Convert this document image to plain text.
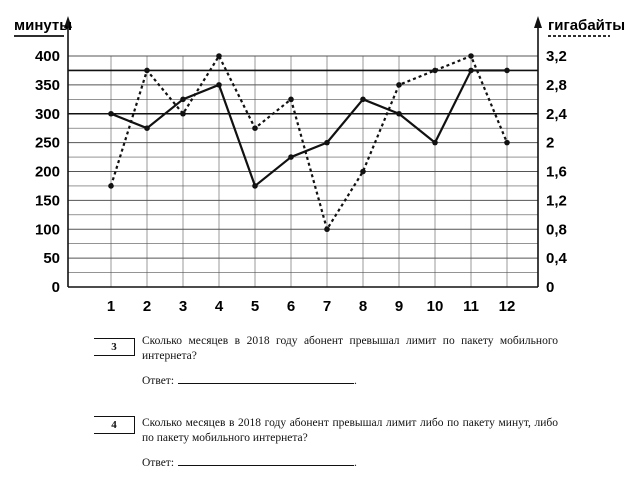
0
50
100
150
200
250
300
350
400
0
0,4
0,8
1,2
1,6
2
2,4
2,8
3,2
1 2 3 4 5 6 7 8 9 10 11 12
минуты	гигабайты
3	Сколько месяцев в 2018 году абонент превышал лимит по пакету мобильного интернета?
Ответ:	.
4	Сколько месяцев в 2018 году абонент превышал лимит либо по пакету минут, либо по пакету мобильного интернета?
Ответ:	.
